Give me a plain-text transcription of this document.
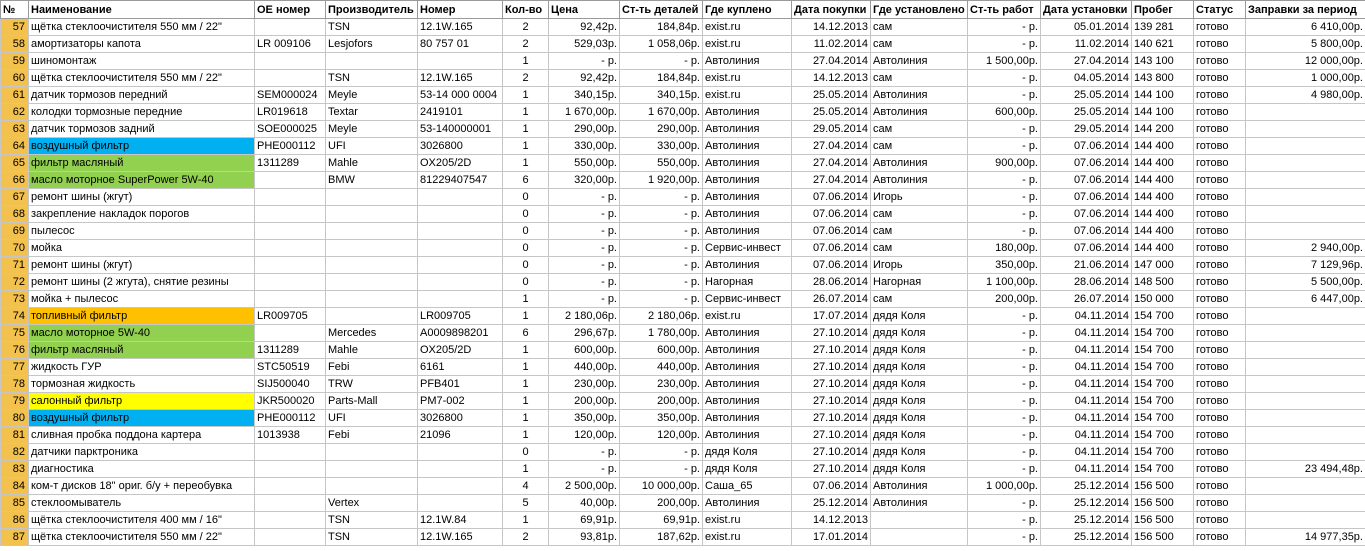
№	Наименование	ОЕ номер	Производитель	Номер	Кол-во	Цена	Ст-ть деталей	Где куплено	Дата покупки	Где установлено	Ст-ть работ	Дата установки	Пробег	Статус	Заправки за период
57	щётка стеклоочистителя 550 мм / 22"		TSN	12.1W.165	2	92,42р.	184,84р.	exist.ru	14.12.2013	сам	- р.	05.01.2014	139 281	готово	6 410,00р.
58	амортизаторы капота	LR 009106	Lesjofors	80 757 01	2	529,03р.	1 058,06р.	exist.ru	11.02.2014	сам	- р.	11.02.2014	140 621	готово	5 800,00р.
59	шиномонтаж				1	- р.	- р.	Автолиния	27.04.2014	Автолиния	1 500,00р.	27.04.2014	143 100	готово	12 000,00р.
60	щётка стеклоочистителя 550 мм / 22"		TSN	12.1W.165	2	92,42р.	184,84р.	exist.ru	14.12.2013	сам	- р.	04.05.2014	143 800	готово	1 000,00р.
61	датчик тормозов передний	SEM000024	Meyle	53-14 000 0004	1	340,15р.	340,15р.	exist.ru	25.05.2014	Автолиния	- р.	25.05.2014	144 100	готово	4 980,00р.
62	колодки тормозные передние	LR019618	Textar	2419101	1	1 670,00р.	1 670,00р.	Автолиния	25.05.2014	Автолиния	600,00р.	25.05.2014	144 100	готово	
63	датчик тормозов задний	SOE000025	Meyle	53-140000001	1	290,00р.	290,00р.	Автолиния	29.05.2014	сам	- р.	29.05.2014	144 200	готово	
64	воздушный фильтр	PHE000112	UFI	3026800	1	330,00р.	330,00р.	Автолиния	27.04.2014	сам	- р.	07.06.2014	144 400	готово	
65	фильтр масляный	1311289	Mahle	OX205/2D	1	550,00р.	550,00р.	Автолиния	27.04.2014	Автолиния	900,00р.	07.06.2014	144 400	готово	
66	масло моторное SuperPower 5W-40		BMW	81229407547	6	320,00р.	1 920,00р.	Автолиния	27.04.2014	Автолиния	- р.	07.06.2014	144 400	готово	
67	ремонт шины (жгут)				0	- р.	- р.	Автолиния	07.06.2014	Игорь	- р.	07.06.2014	144 400	готово	
68	закрепление накладок порогов				0	- р.	- р.	Автолиния	07.06.2014	сам	- р.	07.06.2014	144 400	готово	
69	пылесос				0	- р.	- р.	Автолиния	07.06.2014	сам	- р.	07.06.2014	144 400	готово	
70	мойка				0	- р.	- р.	Сервис-инвест	07.06.2014	сам	180,00р.	07.06.2014	144 400	готово	2 940,00р.
71	ремонт шины (жгут)				0	- р.	- р.	Автолиния	07.06.2014	Игорь	350,00р.	21.06.2014	147 000	готово	7 129,96р.
72	ремонт шины (2 жгута), снятие резины				0	- р.	- р.	Нагорная	28.06.2014	Нагорная	1 100,00р.	28.06.2014	148 500	готово	5 500,00р.
73	мойка + пылесос				1	- р.	- р.	Сервис-инвест	26.07.2014	сам	200,00р.	26.07.2014	150 000	готово	6 447,00р.
74	топливный фильтр	LR009705		LR009705	1	2 180,06р.	2 180,06р.	exist.ru	17.07.2014	дядя Коля	- р.	04.11.2014	154 700	готово	
75	масло моторное 5W-40		Mercedes	A0009898201	6	296,67р.	1 780,00р.	Автолиния	27.10.2014	дядя Коля	- р.	04.11.2014	154 700	готово	
76	фильтр масляный	1311289	Mahle	OX205/2D	1	600,00р.	600,00р.	Автолиния	27.10.2014	дядя Коля	- р.	04.11.2014	154 700	готово	
77	жидкость ГУР	STC50519	Febi	6161	1	440,00р.	440,00р.	Автолиния	27.10.2014	дядя Коля	- р.	04.11.2014	154 700	готово	
78	тормозная жидкость	SIJ500040	TRW	PFB401	1	230,00р.	230,00р.	Автолиния	27.10.2014	дядя Коля	- р.	04.11.2014	154 700	готово	
79	салонный фильтр	JKR500020	Parts-Mall	PM7-002	1	200,00р.	200,00р.	Автолиния	27.10.2014	дядя Коля	- р.	04.11.2014	154 700	готово	
80	воздушный фильтр	PHE000112	UFI	3026800	1	350,00р.	350,00р.	Автолиния	27.10.2014	дядя Коля	- р.	04.11.2014	154 700	готово	
81	сливная пробка поддона картера	1013938	Febi	21096	1	120,00р.	120,00р.	Автолиния	27.10.2014	дядя Коля	- р.	04.11.2014	154 700	готово	
82	датчики парктроника				0	- р.	- р.	дядя Коля	27.10.2014	дядя Коля	- р.	04.11.2014	154 700	готово	
83	диагностика				1	- р.	- р.	дядя Коля	27.10.2014	дядя Коля	- р.	04.11.2014	154 700	готово	23 494,48р.
84	ком-т дисков 18" ориг. б/у + переобувка				4	2 500,00р.	10 000,00р.	Саша_65	07.06.2014	Автолиния	1 000,00р.	25.12.2014	156 500	готово	
85	стеклоомыватель		Vertex		5	40,00р.	200,00р.	Автолиния	25.12.2014	Автолиния	- р.	25.12.2014	156 500	готово	
86	щётка стеклоочистителя 400 мм / 16"		TSN	12.1W.84	1	69,91р.	69,91р.	exist.ru	14.12.2013		- р.	25.12.2014	156 500	готово	
87	щётка стеклоочистителя 550 мм / 22"		TSN	12.1W.165	2	93,81р.	187,62р.	exist.ru	17.01.2014		- р.	25.12.2014	156 500	готово	14 977,35р.
